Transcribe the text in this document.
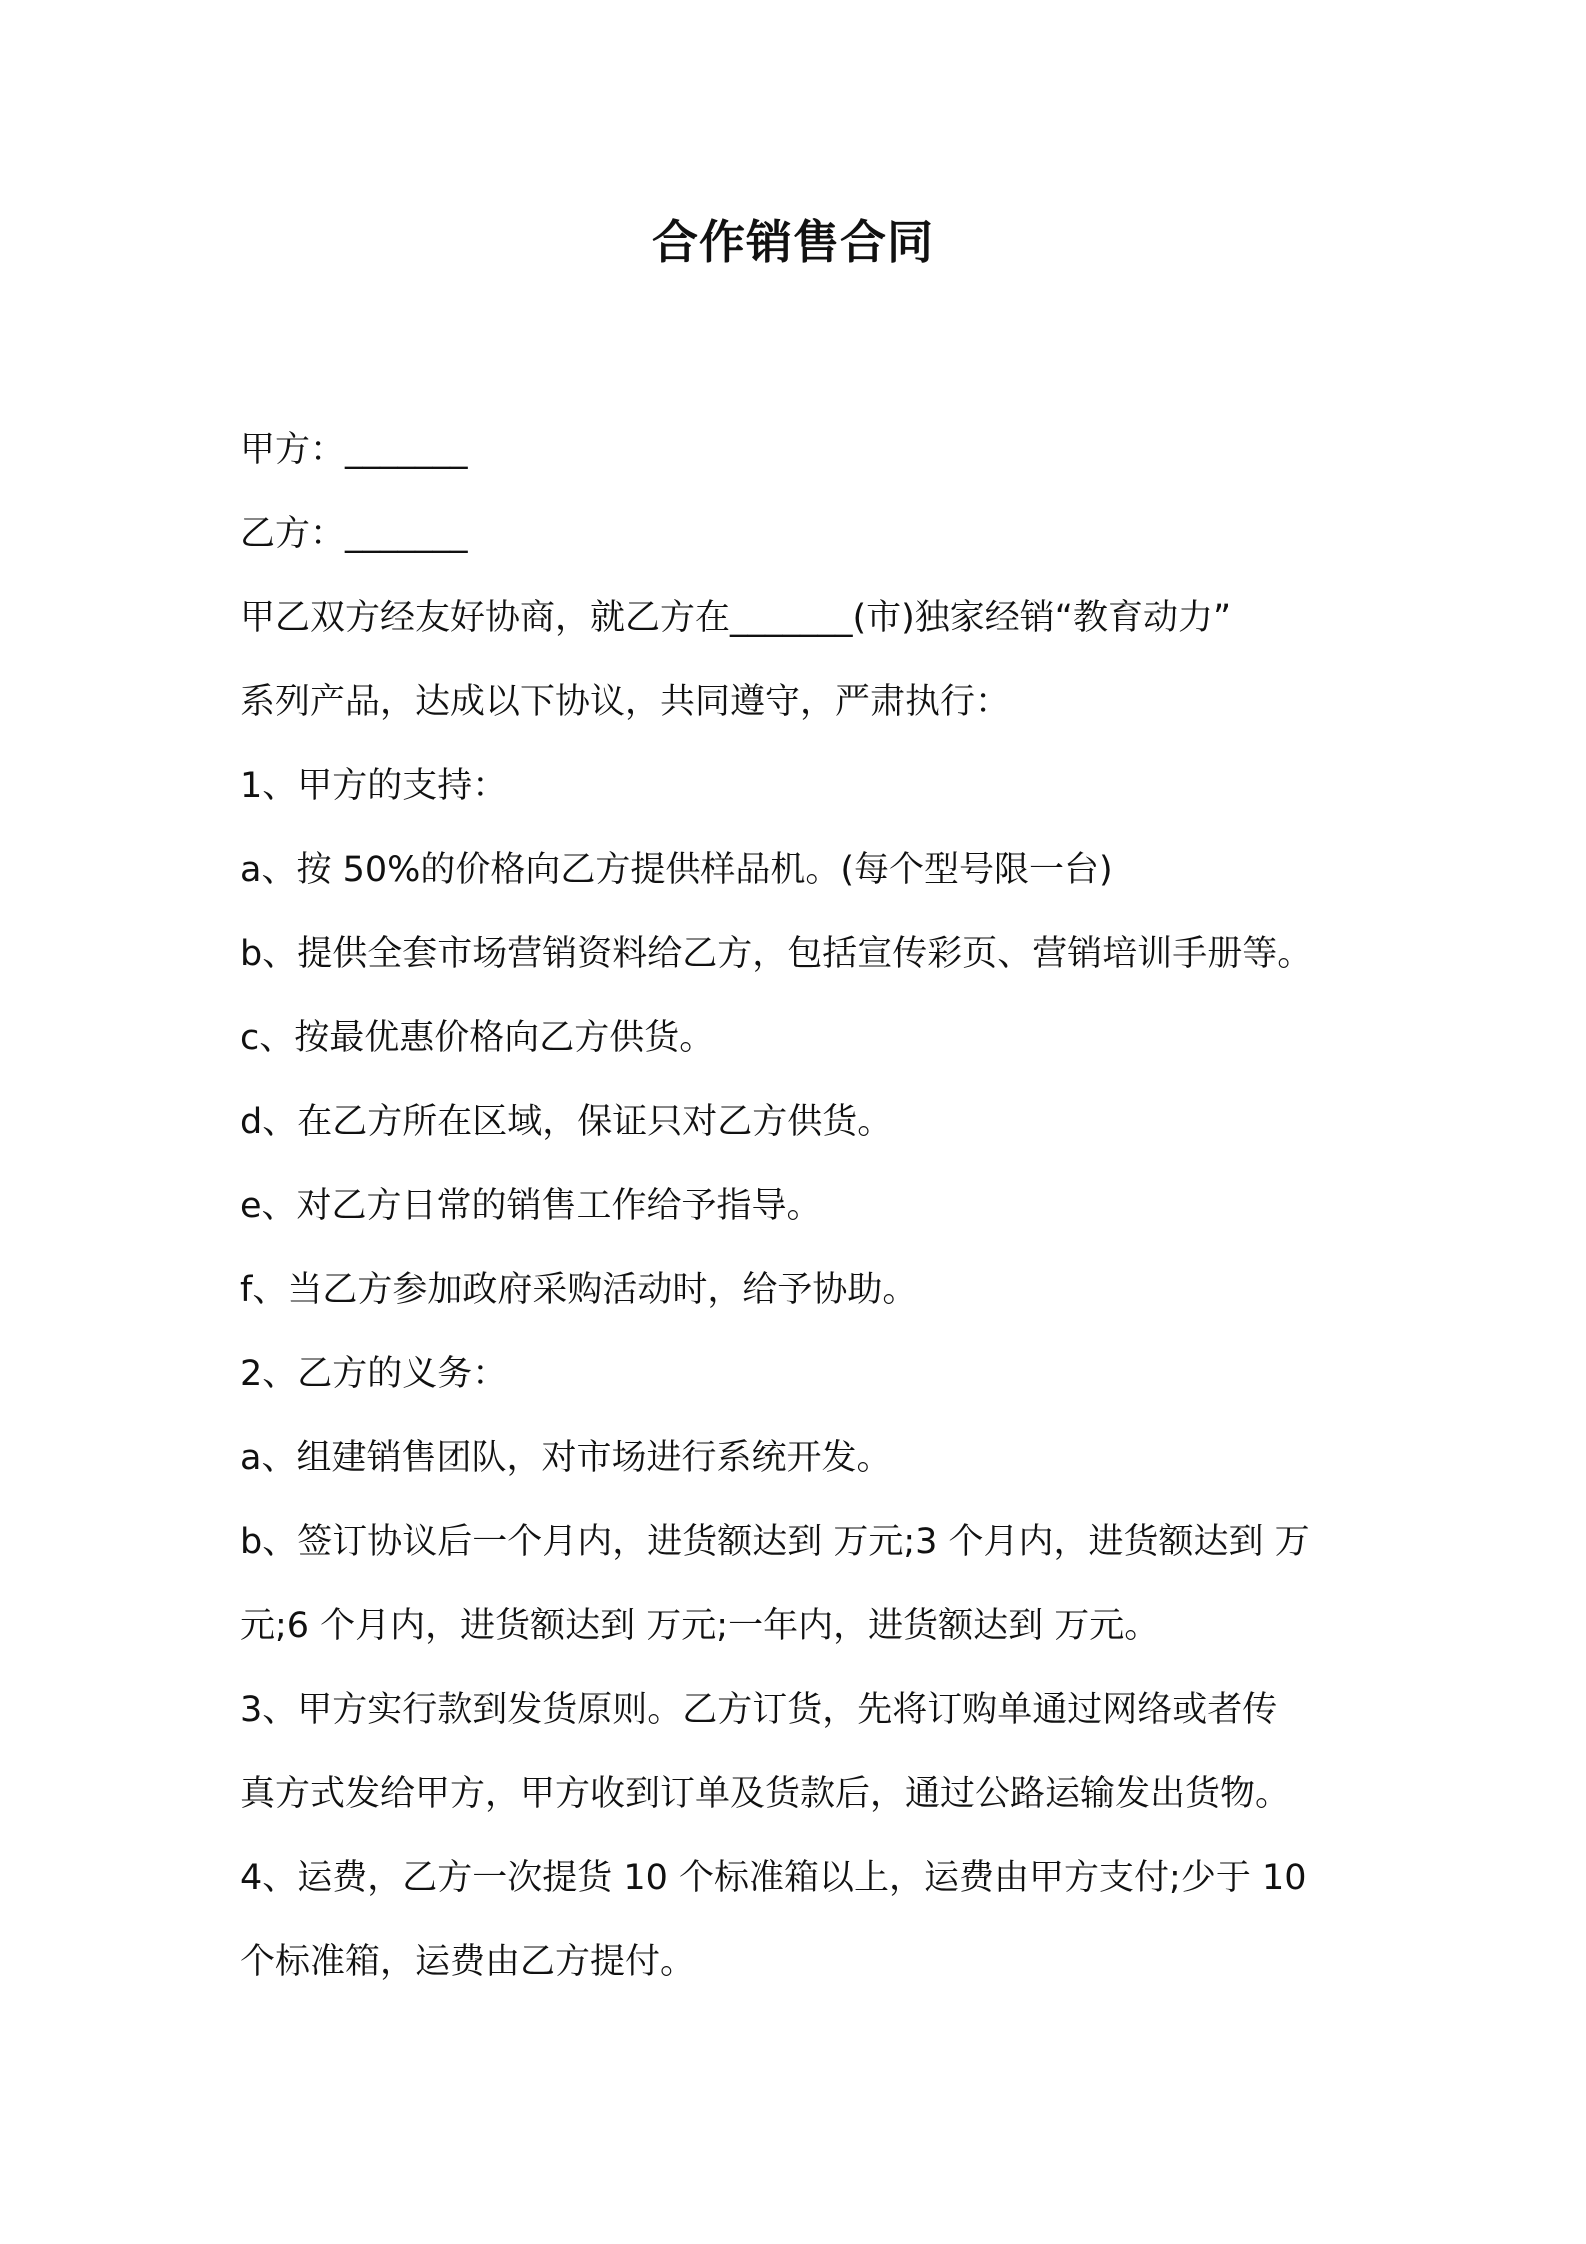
合作销售合同
甲方：_______
乙方：_______
甲乙双方经友好协商，就乙方在_______(市)独家经销“教育动力”
系列产品，达成以下协议，共同遵守，严肃执行：
1、甲方的支持：
a、按 50%的价格向乙方提供样品机。(每个型号限一台)
b、提供全套市场营销资料给乙方，包括宣传彩页、营销培训手册等。
c、按最优惠价格向乙方供货。
d、在乙方所在区域，保证只对乙方供货。
e、对乙方日常的销售工作给予指导。
f、当乙方参加政府采购活动时，给予协助。
2、乙方的义务：
a、组建销售团队，对市场进行系统开发。
b、签订协议后一个月内，进货额达到 万元;3 个月内，进货额达到 万
元;6 个月内，进货额达到 万元;一年内，进货额达到 万元。
3、甲方实行款到发货原则。乙方订货，先将订购单通过网络或者传
真方式发给甲方，甲方收到订单及货款后，通过公路运输发出货物。
4、运费，乙方一次提货 10 个标准箱以上，运费由甲方支付;少于 10
个标准箱，运费由乙方提付。
